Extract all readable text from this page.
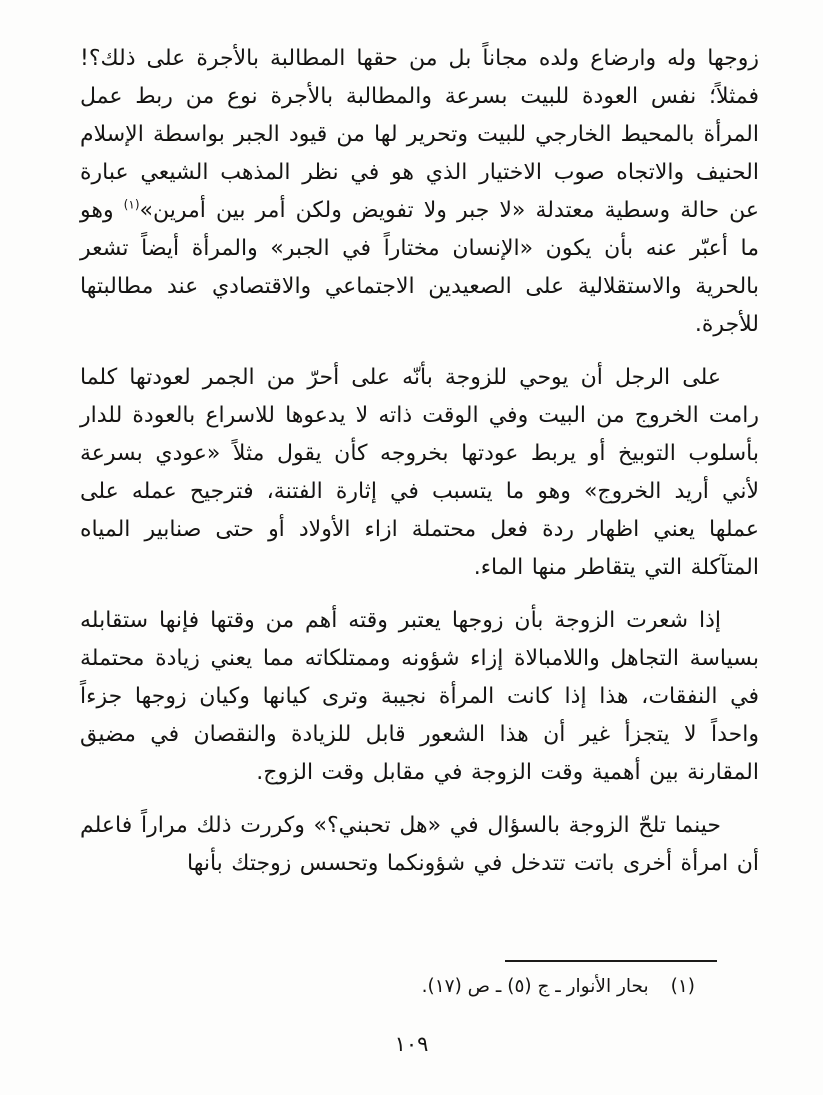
زوجها وله وارضاع ولده مجاناً بل من حقها المطالبة بالأجرة على ذلك؟! فمثلاً؛ نفس العودة للبيت بسرعة والمطالبة بالأجرة نوع من ربط عمل المرأة بالمحيط الخارجي للبيت وتحرير لها من قيود الجبر بواسطة الإسلام الحنيف والاتجاه صوب الاختيار الذي هو في نظر المذهب الشيعي عبارة عن حالة وسطية معتدلة «لا جبر ولا تفويض ولكن أمر بين أمرين»$^{(١)}$ وهو ما أعبّر عنه بأن يكون «الإنسان مختاراً في الجبر» والمرأة أيضاً تشعر بالحرية والاستقلالية على الصعيدين الاجتماعي والاقتصادي عند مطالبتها للأجرة.

على الرجل أن يوحي للزوجة بأنّه على أحرّ من الجمر لعودتها كلما رامت الخروج من البيت وفي الوقت ذاته لا يدعوها للاسراع بالعودة للدار بأسلوب التوبيخ أو يربط عودتها بخروجه كأن يقول مثلاً «عودي بسرعة لأني أريد الخروج» وهو ما يتسبب في إثارة الفتنة، فترجيح عمله على عملها يعني اظهار ردة فعل محتملة ازاء الأولاد أو حتى صنابير المياه المتآكلة التي يتقاطر منها الماء.

إذا شعرت الزوجة بأن زوجها يعتبر وقته أهم من وقتها فإنها ستقابله بسياسة التجاهل واللامبالاة إزاء شؤونه وممتلكاته مما يعني زيادة محتملة في النفقات، هذا إذا كانت المرأة نجيبة وترى كيانها وكيان زوجها جزءاً واحداً لا يتجزأ غير أن هذا الشعور قابل للزيادة والنقصان في مضيق المقارنة بين أهمية وقت الزوجة في مقابل وقت الزوج.

حينما تلحّ الزوجة بالسؤال في «هل تحبني؟» وكررت ذلك مراراً فاعلم أن امرأة أخرى باتت تتدخل في شؤونكما وتحسس زوجتك بأنها

(١)بحار الأنوار ـ ج (٥) ـ ص (١٧).
١٠٩
